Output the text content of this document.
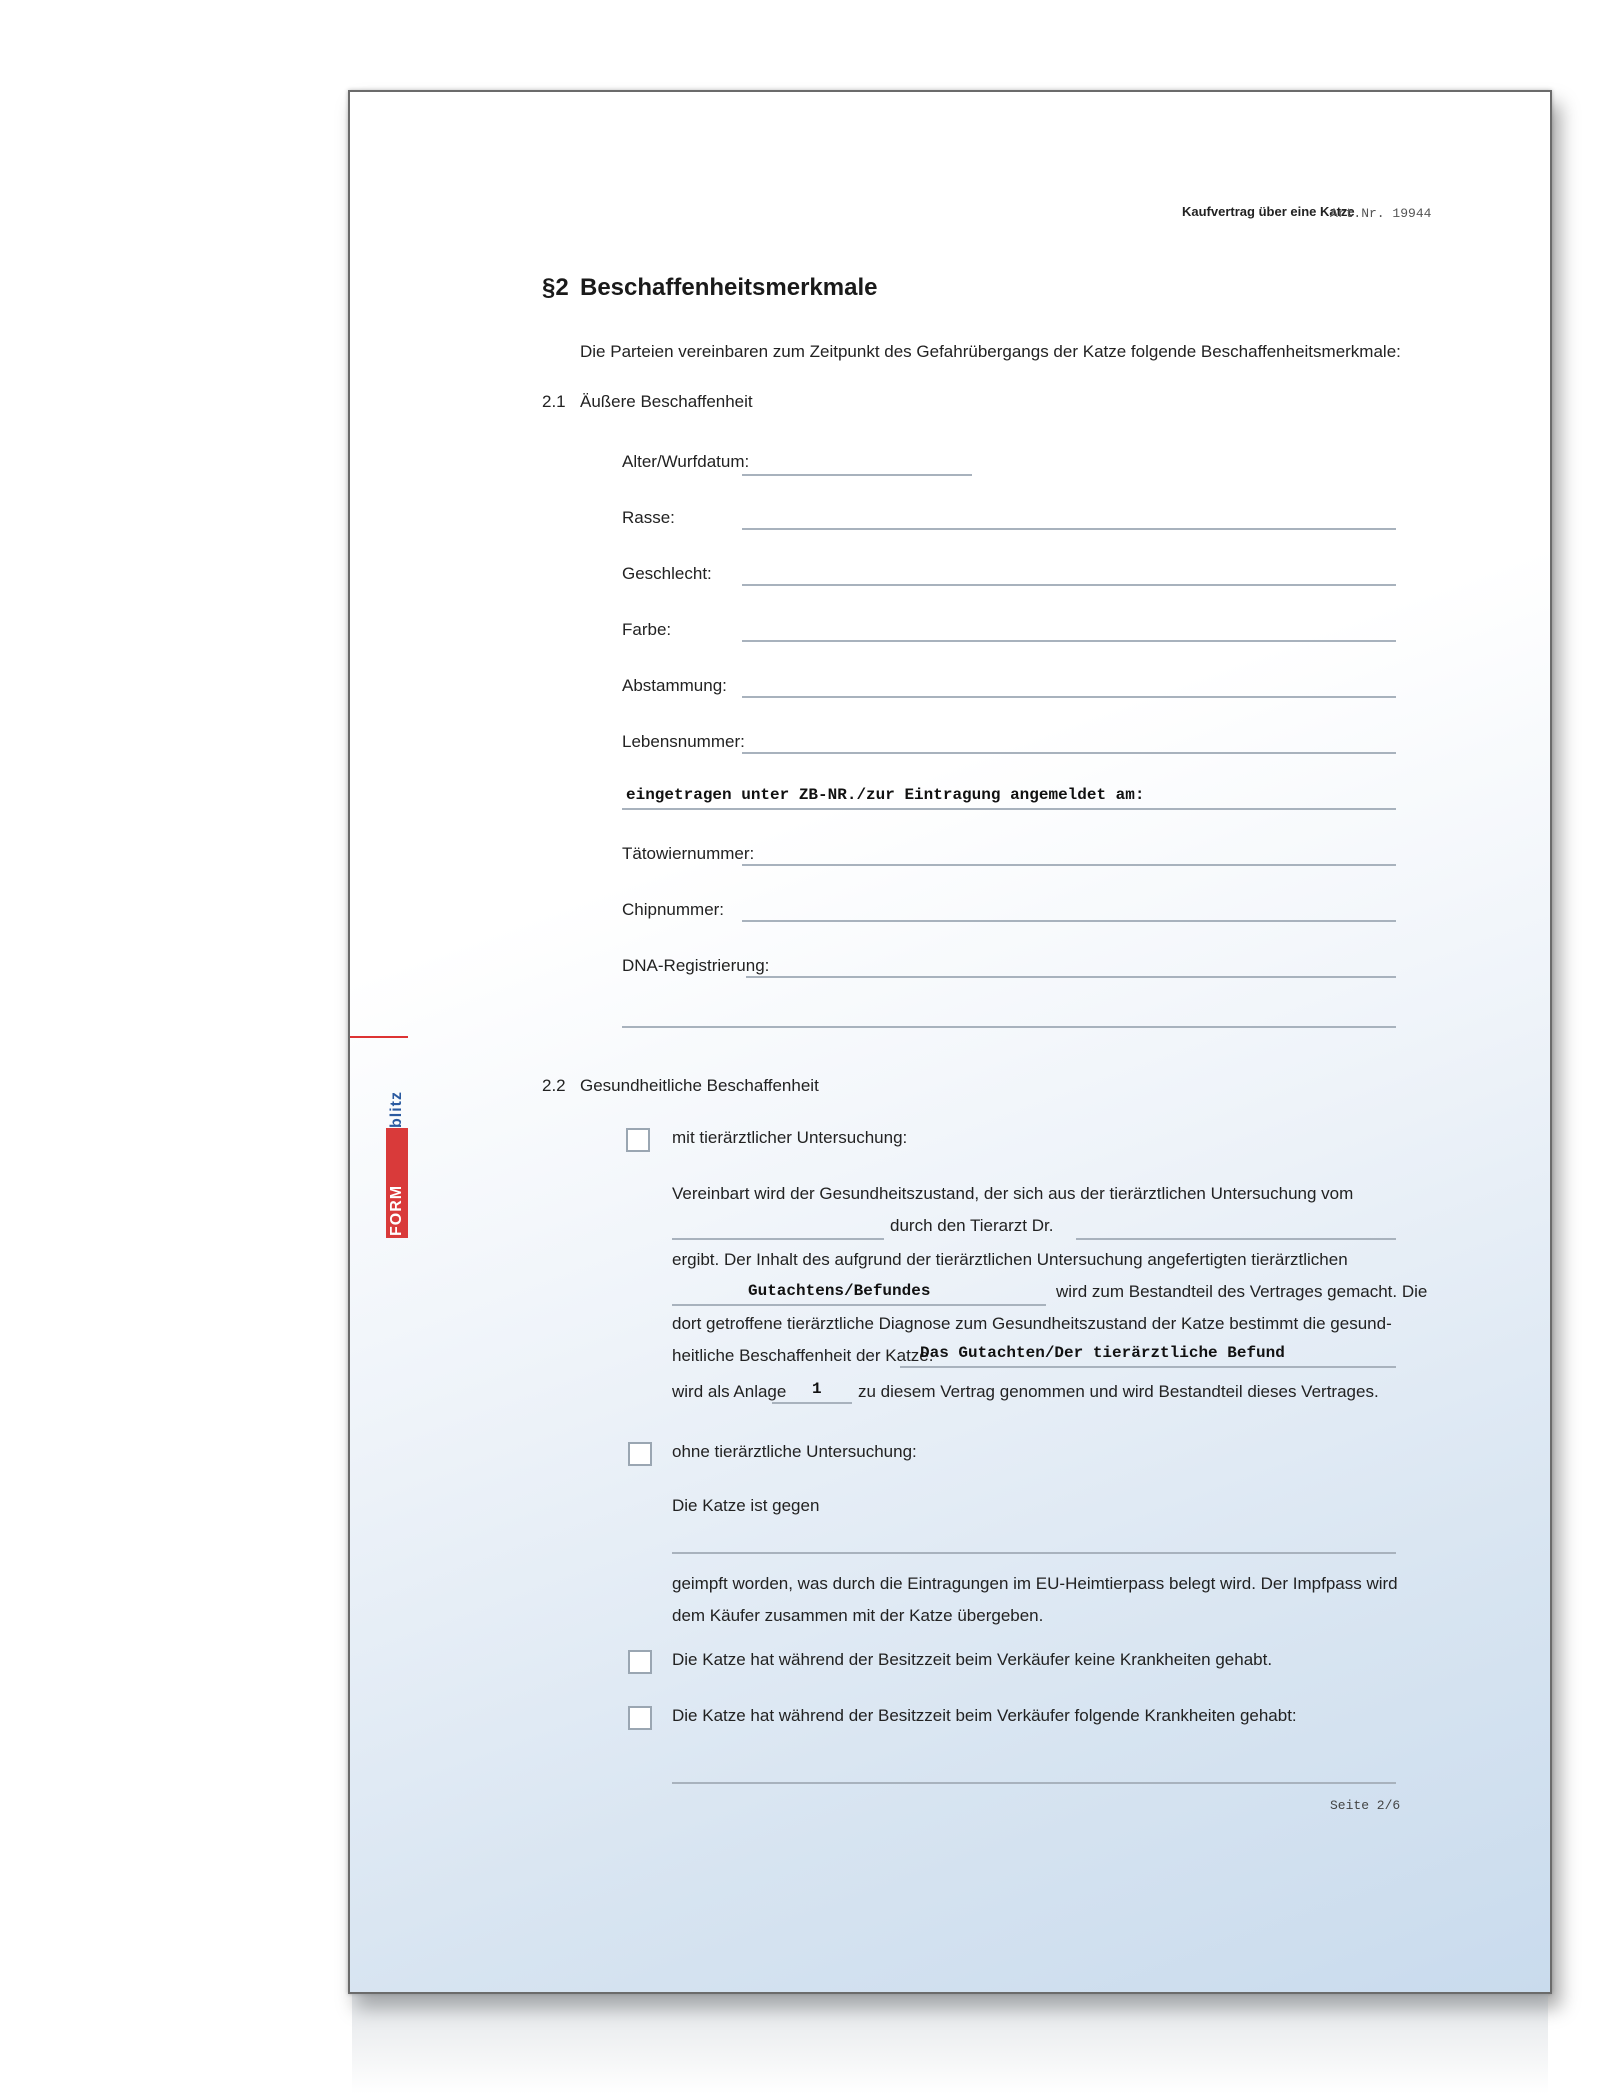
Kaufvertrag über eine Katze
Art.Nr. 19944
§2 Beschaffenheitsmerkmale
Die Parteien vereinbaren zum Zeitpunkt des Gefahrübergangs der Katze folgende Beschaffenheitsmerkmale:
2.1 Äußere Beschaffenheit
Alter/Wurfdatum:
Rasse:
Geschlecht:
Farbe:
Abstammung:
Lebensnummer:
eingetragen unter ZB-NR./zur Eintragung angemeldet am:
Tätowiernummer:
Chipnummer:
DNA-Registrierung:
2.2 Gesundheitliche Beschaffenheit
mit tierärztlicher Untersuchung:
Vereinbart wird der Gesundheitszustand, der sich aus der tierärztlichen Untersuchung vom
durch den Tierarzt Dr.
ergibt. Der Inhalt des aufgrund der tierärztlichen Untersuchung angefertigten tierärztlichen
Gutachtens/Befundes	wird zum Bestandteil des Vertrages gemacht. Die
dort getroffene tierärztliche Diagnose zum Gesundheitszustand der Katze bestimmt die gesund-
heitliche Beschaffenheit der Katze.
Das Gutachten/Der tierärztliche Befund
wird als Anlage 1 zu diesem Vertrag genommen und wird Bestandteil dieses Vertrages.
ohne tierärztliche Untersuchung:
Die Katze ist gegen
geimpft worden, was durch die Eintragungen im EU-Heimtierpass belegt wird. Der Impfpass wird
dem Käufer zusammen mit der Katze übergeben.
Die Katze hat während der Besitzzeit beim Verkäufer keine Krankheiten gehabt.
Die Katze hat während der Besitzzeit beim Verkäufer folgende Krankheiten gehabt:
Seite 2/6
FORM
blitz
